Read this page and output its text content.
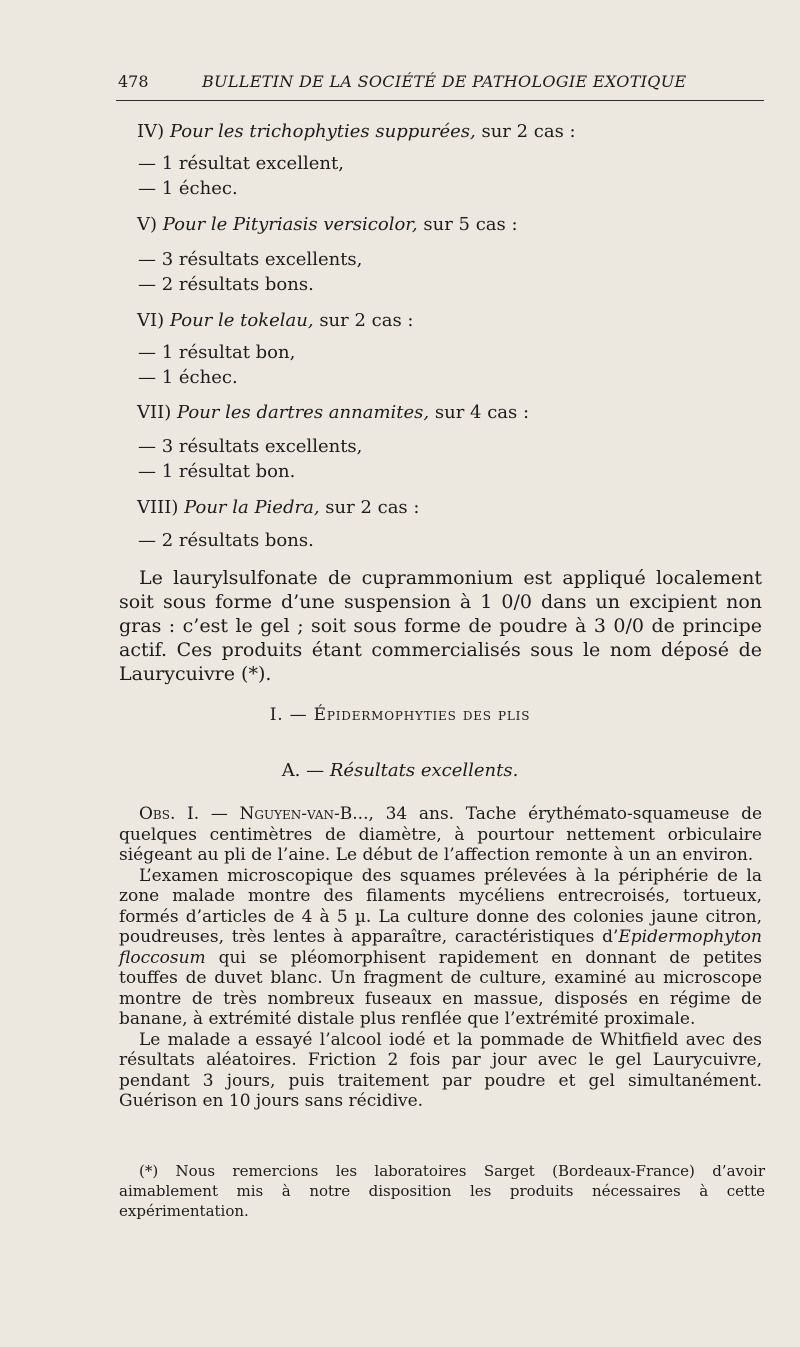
478	BULLETIN DE LA SOCIÉTÉ DE PATHOLOGIE EXOTIQUE
IV) Pour les trichophyties suppurées, sur 2 cas :
— 1 résultat excellent,
— 1 échec.
V) Pour le Pityriasis versicolor, sur 5 cas :
— 3 résultats excellents,
— 2 résultats bons.
VI) Pour le tokelau, sur 2 cas :
— 1 résultat bon,
— 1 échec.
VII) Pour les dartres annamites, sur 4 cas :
— 3 résultats excellents,
— 1 résultat bon.
VIII) Pour la Piedra, sur 2 cas :
— 2 résultats bons.
Le laurylsulfonate de cuprammonium est appliqué localement soit sous forme d’une suspension à 1 0/0 dans un excipient non gras : c’est le gel ; soit sous forme de poudre à 3 0/0 de principe actif. Ces produits étant commercialisés sous le nom déposé de Laurycuivre (*).
I. — Épidermophyties des plis
A. — Résultats excellents.

Obs. I. — Nguyen-van-B..., 34 ans. Tache érythémato-squameuse de quelques centimètres de diamètre, à pourtour nettement orbiculaire siégeant au pli de l’aine. Le début de l’affection remonte à un an environ.

L’examen microscopique des squames prélevées à la périphérie de la zone malade montre des filaments mycéliens entrecroisés, tortueux, formés d’articles de 4 à 5 µ. La culture donne des colonies jaune citron, poudreuses, très lentes à apparaître, caractéristiques d’Epidermophyton floccosum qui se pléomorphisent rapidement en donnant de petites touffes de duvet blanc. Un fragment de culture, examiné au microscope montre de très nombreux fuseaux en massue, disposés en régime de banane, à extrémité distale plus renflée que l’extrémité proximale.

Le malade a essayé l’alcool iodé et la pommade de Whitfield avec des résultats aléatoires. Friction 2 fois par jour avec le gel Laurycuivre, pendant 3 jours, puis traitement par poudre et gel simultanément. Guérison en 10 jours sans récidive.

(*) Nous remercions les laboratoires Sarget (Bordeaux-France) d’avoir aimablement mis à notre disposition les produits nécessaires à cette expérimentation.
